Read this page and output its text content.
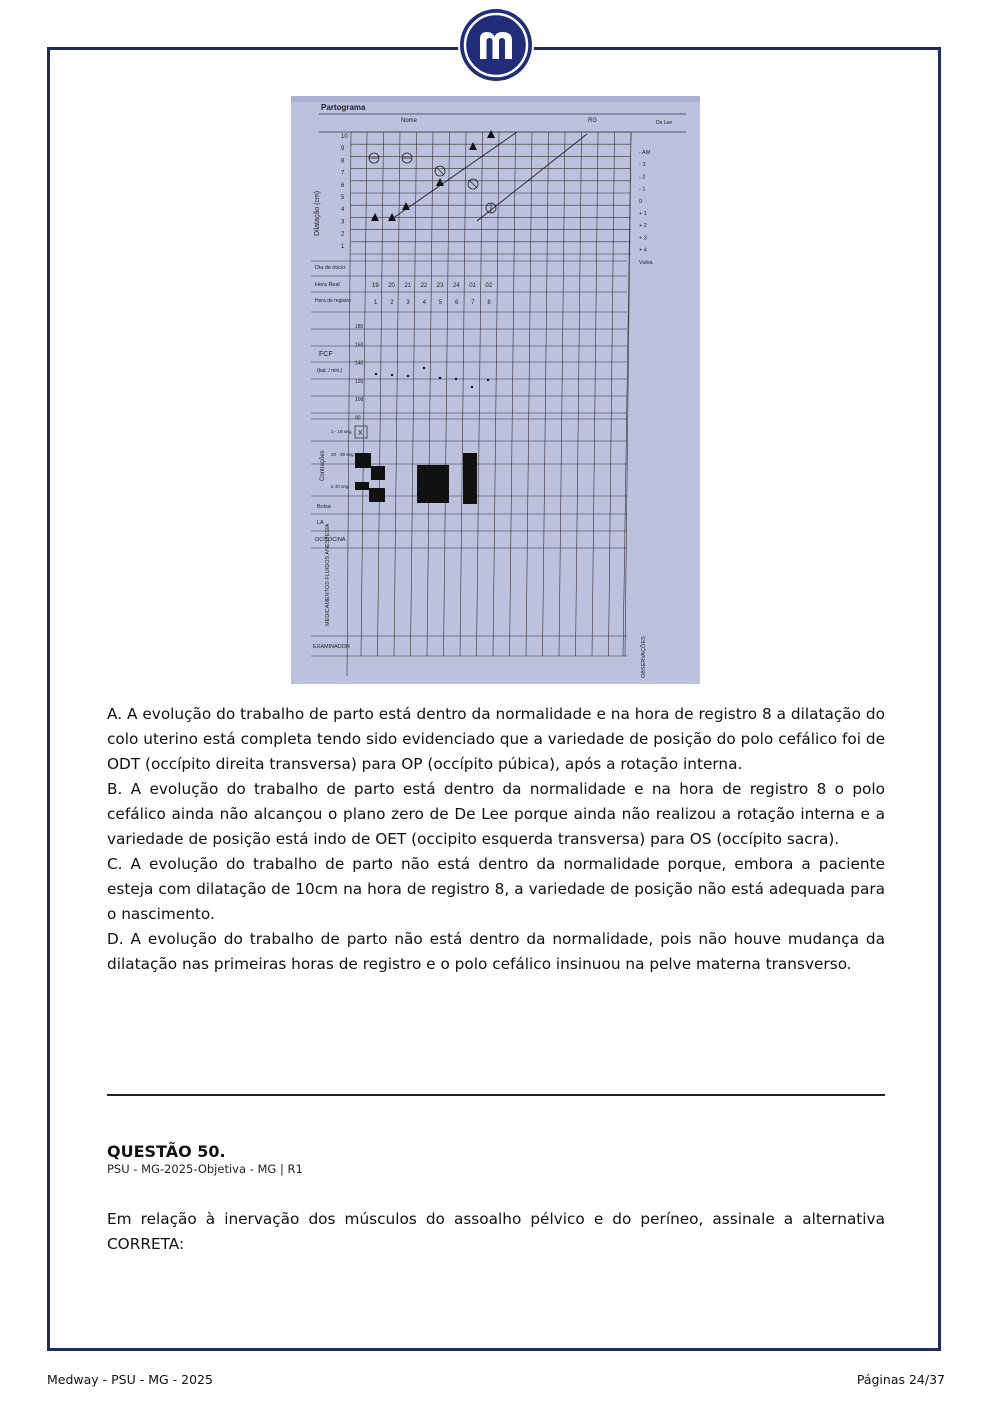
Partograma
Nome	RG	De Lee
Dilatação (cm)
10
9
8
7
6
5
4
3
2
1
- AM
- 3
- 2
- 1
0
+ 1
+ 2
+ 3
+ 4
Vulva
Dia de início
Hora Real
Hora de registro
19 20 21 22 23 24 01 02
1 2 3 4 5 6 7 8
FCF
(bat. / min.)
180
160
140
120
100
80
Contrações
1 - 19 seg.
20 - 39 seg.
≥ 40 seg.
X
Bolsa
LA
OCITOCINA
MEDICAMENTOS FLUIDOS ANESTESIA
EXAMINADOR	OBSERVAÇÕES

A. A evolução do trabalho de parto está dentro da normalidade e na hora de registro 8 a dilatação do colo uterino está completa tendo sido evidenciado que a variedade de posição do polo cefálico foi de ODT (occípito direita transversa) para OP (occípito púbica), após a rotação interna.

B. A evolução do trabalho de parto está dentro da normalidade e na hora de registro 8 o polo cefálico ainda não alcançou o plano zero de De Lee porque ainda não realizou a rotação interna e a variedade de posição está indo de OET (occipito esquerda transversa) para OS (occípito sacra).

C. A evolução do trabalho de parto não está dentro da normalidade porque, embora a paciente esteja com dilatação de 10cm na hora de registro 8, a variedade de posição não está adequada para o nascimento.

D. A evolução do trabalho de parto não está dentro da normalidade, pois não houve mudança da dilatação nas primeiras horas de registro e o polo cefálico insinuou na pelve materna transverso.

QUESTÃO 50.
PSU - MG-2025-Objetiva - MG | R1
Em relação à inervação dos músculos do assoalho pélvico e do períneo, assinale a alternativa CORRETA:
Medway - PSU - MG - 2025	Páginas 24/37
